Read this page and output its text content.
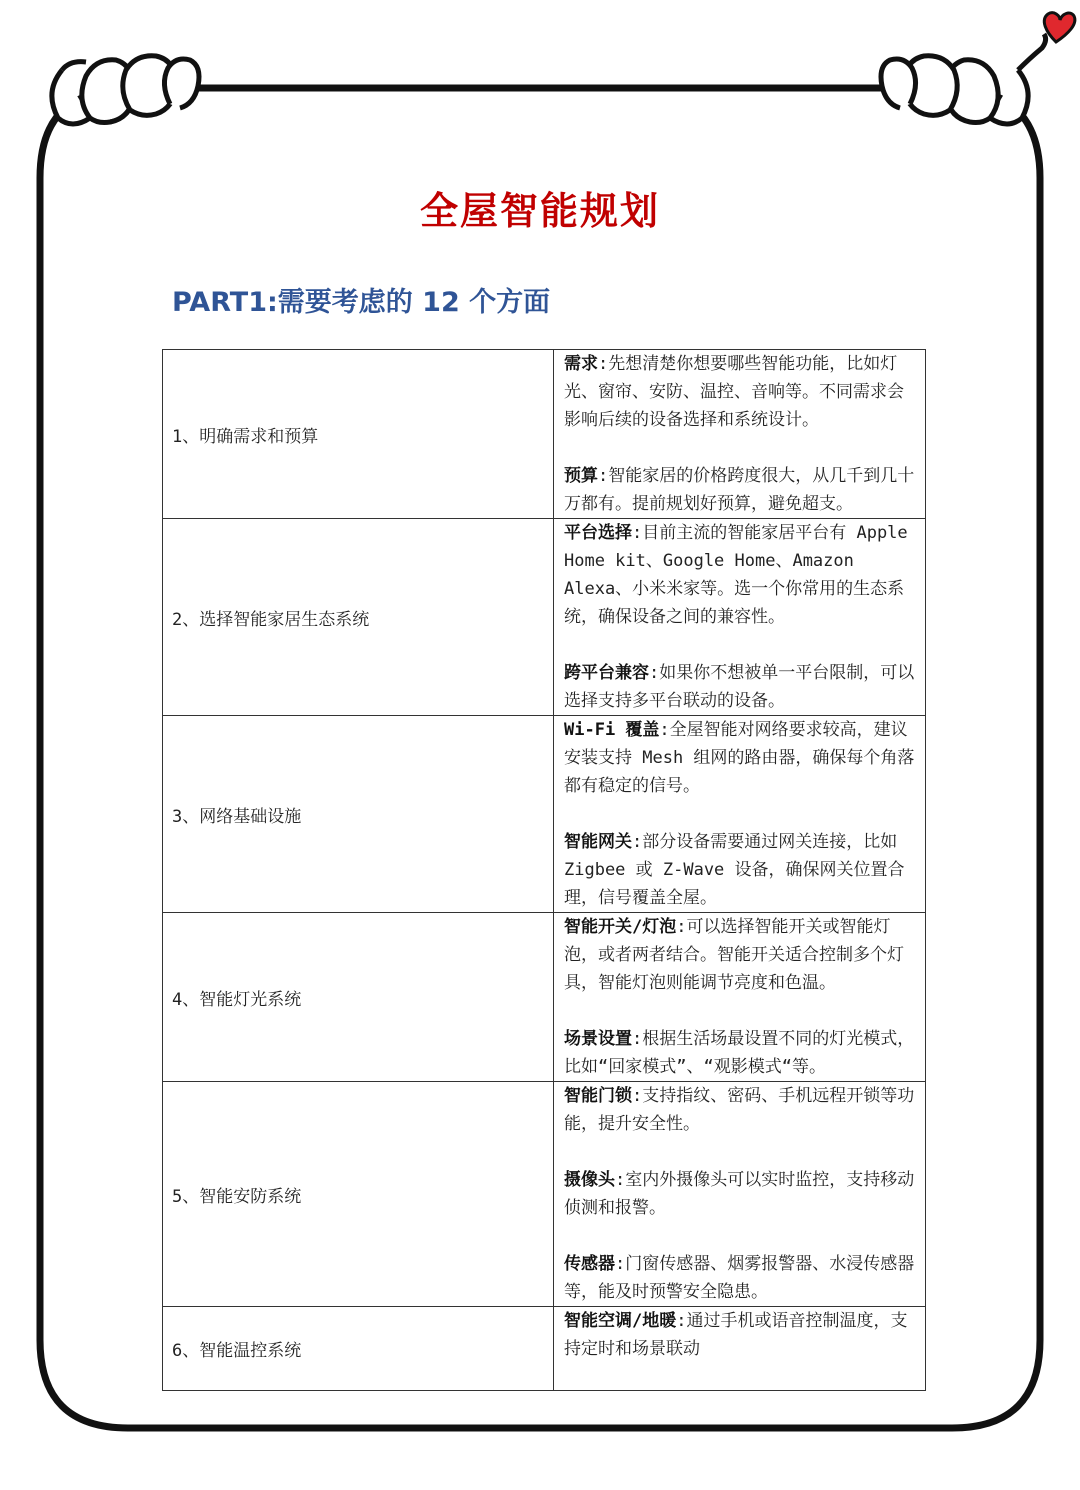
全屋智能规划
PART1:需要考虑的 12 个方面
1、明确需求和预算	需求:先想清楚你想要哪些智能功能，比如灯光、窗帘、安防、温控、音响等。不同需求会影响后续的设备选择和系统设计。
预算:智能家居的价格跨度很大，从几千到几十万都有。提前规划好预算，避免超支。

2、选择智能家居生态系统	平台选择:目前主流的智能家居平台有 Apple Home kit、Google Home、Amazon Alexa、小米米家等。选一个你常用的生态系统，确保设备之间的兼容性。
跨平台兼容:如果你不想被单一平台限制，可以选择支持多平台联动的设备。

3、网络基础设施	Wi-Fi 覆盖:全屋智能对网络要求较高，建议安装支持 Mesh 组网的路由器，确保每个角落都有稳定的信号。
智能网关:部分设备需要通过网关连接，比如 Zigbee 或 Z-Wave 设备，确保网关位置合理，信号覆盖全屋。

4、智能灯光系统	智能开关/灯泡:可以选择智能开关或智能灯泡，或者两者结合。智能开关适合控制多个灯具，智能灯泡则能调节亮度和色温。
场景设置:根据生活场最设置不同的灯光模式，比如“回家模式”、“观影模式“等。

5、智能安防系统	智能门锁:支持指纹、密码、手机远程开锁等功能，提升安全性。
摄像头:室内外摄像头可以实时监控，支持移动侦测和报警。
传感器:门窗传感器、烟雾报警器、水浸传感器等，能及时预警安全隐患。

6、智能温控系统	智能空调/地暖:通过手机或语音控制温度，支持定时和场景联动
